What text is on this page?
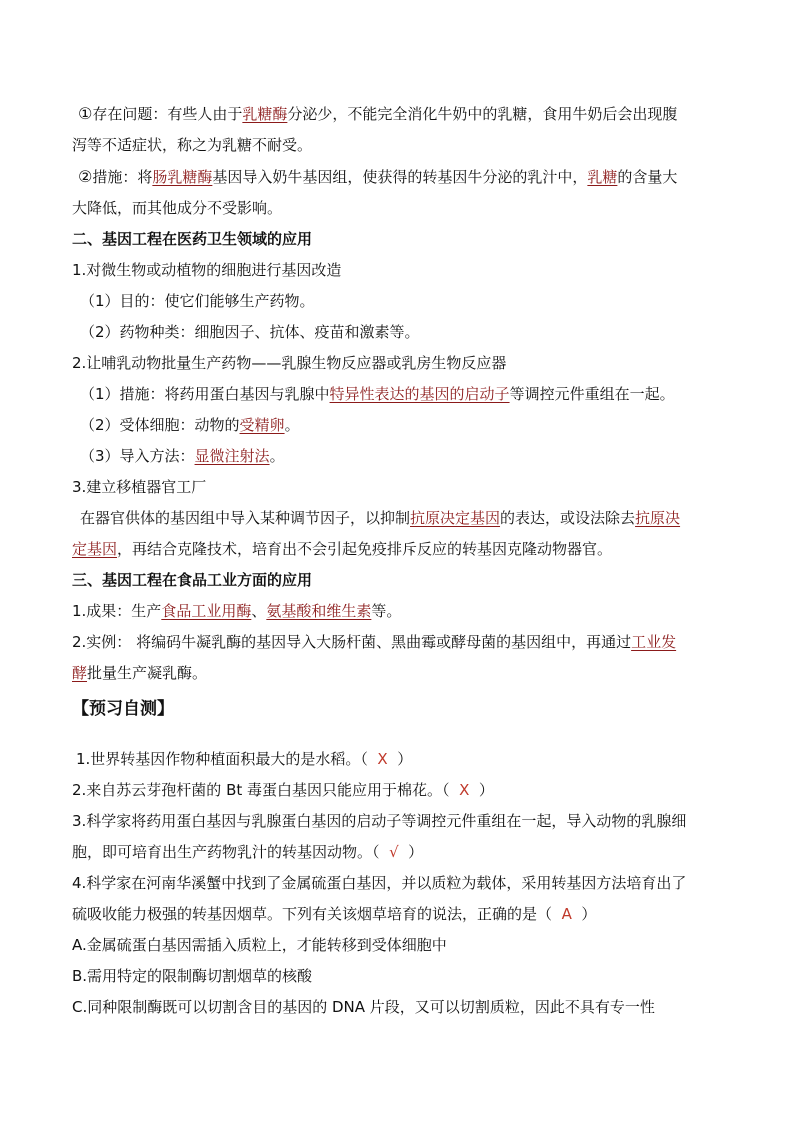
①存在问题：有些人由于乳糖酶分泌少，不能完全消化牛奶中的乳糖，食用牛奶后会出现腹

泻等不适症状，称之为乳糖不耐受。

②措施：将肠乳糖酶基因导入奶牛基因组，使获得的转基因牛分泌的乳汁中，乳糖的含量大

大降低，而其他成分不受影响。

二、基因工程在医药卫生领域的应用

1.对微生物或动植物的细胞进行基因改造

（1）目的：使它们能够生产药物。

（2）药物种类：细胞因子、抗体、疫苗和激素等。

2.让哺乳动物批量生产药物——乳腺生物反应器或乳房生物反应器

（1）措施：将药用蛋白基因与乳腺中特异性表达的基因的启动子等调控元件重组在一起。

（2）受体细胞：动物的受精卵。

（3）导入方法：显微注射法。

3.建立移植器官工厂

在器官供体的基因组中导入某种调节因子，以抑制抗原决定基因的表达，或设法除去抗原决

定基因，再结合克隆技术，培育出不会引起免疫排斥反应的转基因克隆动物器官。

三、基因工程在食品工业方面的应用

1.成果：生产食品工业用酶、氨基酸和维生素等。

2.实例： 将编码牛凝乳酶的基因导入大肠杆菌、黑曲霉或酵母菌的基因组中，再通过工业发

酵批量生产凝乳酶。

【预习自测】

1.世界转基因作物种植面积最大的是水稻。（ X ）

2.来自苏云芽孢杆菌的 Bt 毒蛋白基因只能应用于棉花。（ X ）

3.科学家将药用蛋白基因与乳腺蛋白基因的启动子等调控元件重组在一起，导入动物的乳腺细

胞，即可培育出生产药物乳汁的转基因动物。（ √ ）

4.科学家在河南华溪蟹中找到了金属硫蛋白基因，并以质粒为载体，采用转基因方法培育出了

硫吸收能力极强的转基因烟草。下列有关该烟草培育的说法，正确的是（ A ）

A.金属硫蛋白基因需插入质粒上，才能转移到受体细胞中

B.需用特定的限制酶切割烟草的核酸

C.同种限制酶既可以切割含目的基因的 DNA 片段，又可以切割质粒，因此不具有专一性
